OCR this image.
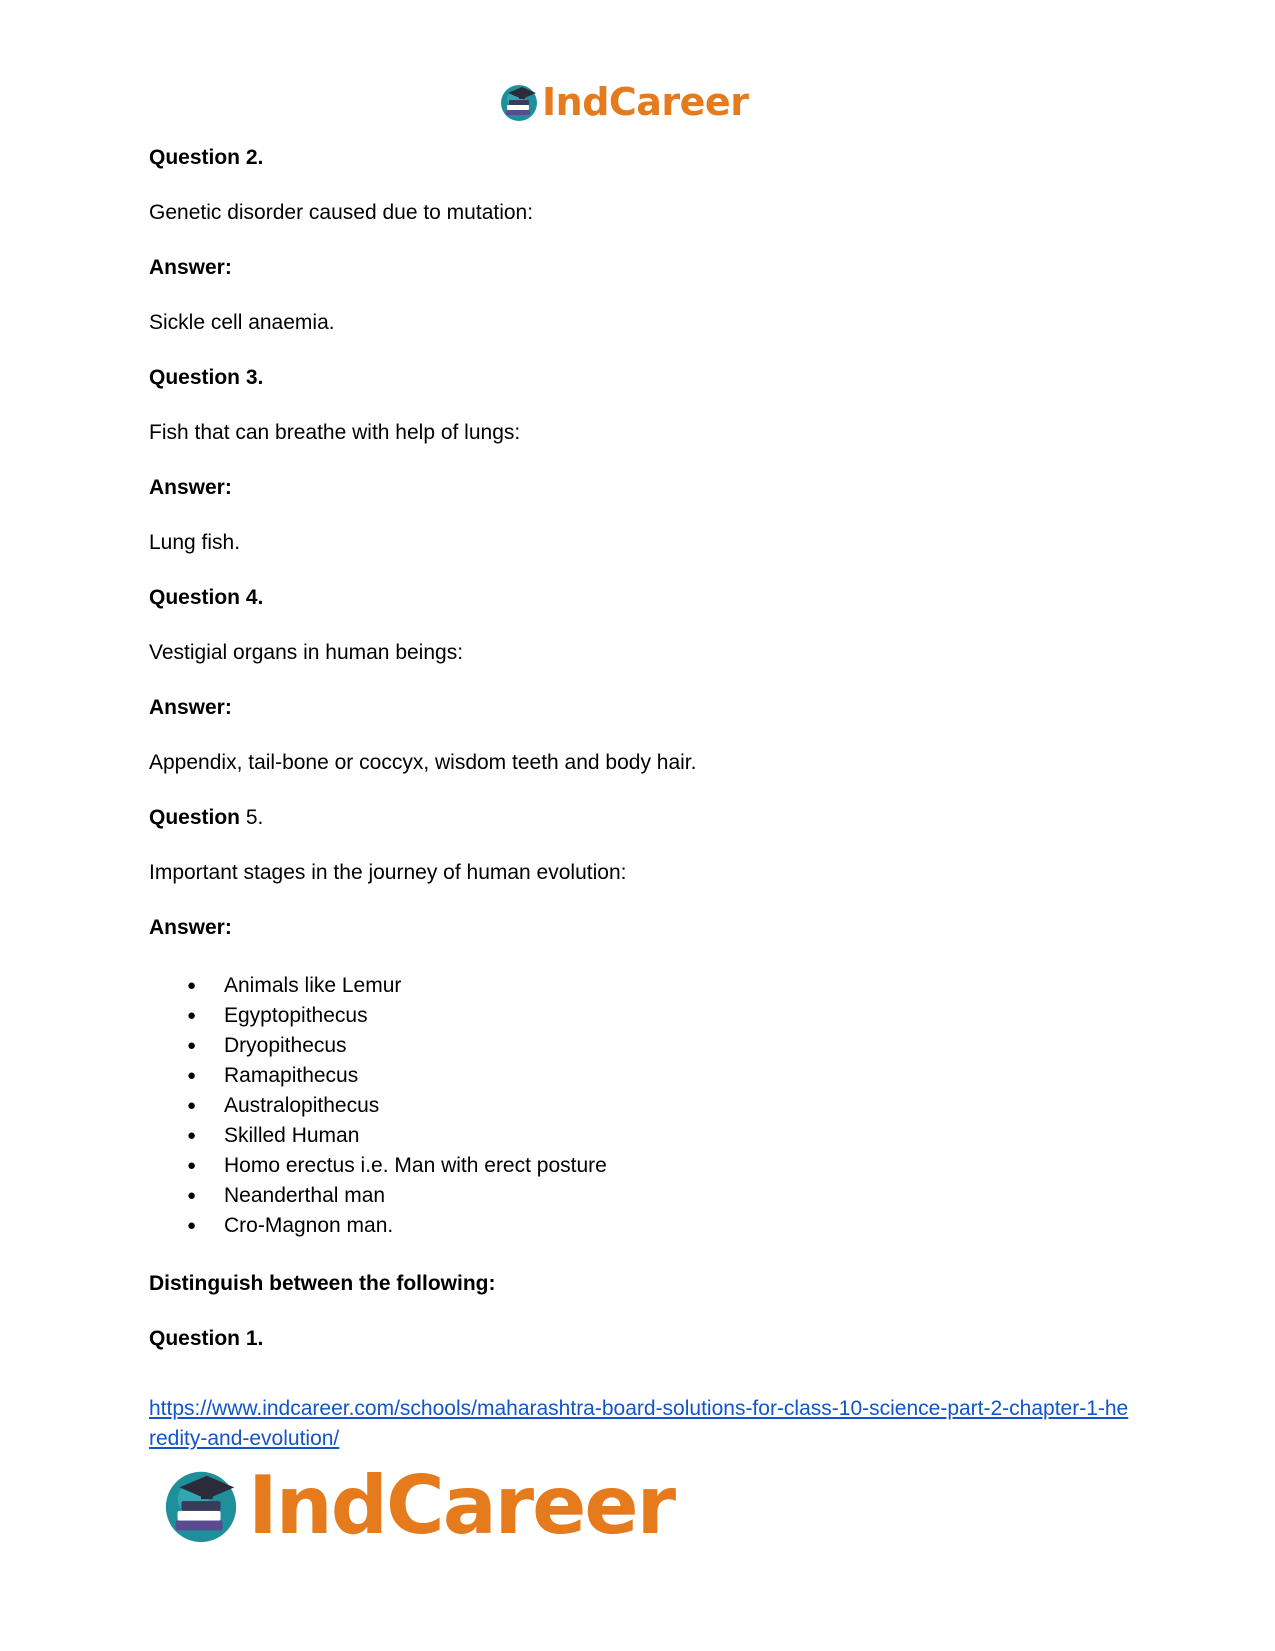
IndCareer

Question 2.

Genetic disorder caused due to mutation:

Answer:

Sickle cell anaemia.

Question 3.

Fish that can breathe with help of lungs:

Answer:

Lung fish.

Question 4.

Vestigial organs in human beings:

Answer:

Appendix, tail-bone or coccyx, wisdom teeth and body hair.

Question 5.

Important stages in the journey of human evolution:

Answer:

● Animals like Lemur
● Egyptopithecus
● Dryopithecus
● Ramapithecus
● Australopithecus
● Skilled Human
● Homo erectus i.e. Man with erect posture
● Neanderthal man
● Cro-Magnon man.

Distinguish between the following:

Question 1.

https://www.indcareer.com/schools/maharashtra-board-solutions-for-class-10-science-part-2-chapter-1-heredity-and-evolution/
IndCareer
